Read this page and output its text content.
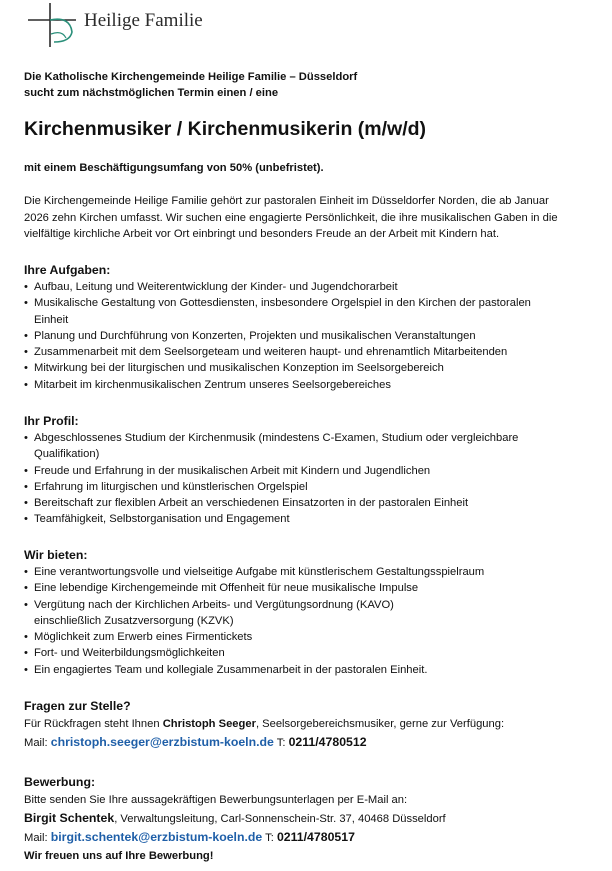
Heilige Familie
Die Katholische Kirchengemeinde Heilige Familie – Düsseldorf
sucht zum nächstmöglichen Termin einen / eine
Kirchenmusiker / Kirchenmusikerin (m/w/d)
mit einem Beschäftigungsumfang von 50% (unbefristet).
Die Kirchengemeinde Heilige Familie gehört zur pastoralen Einheit im Düsseldorfer Norden, die ab Januar
2026 zehn Kirchen umfasst. Wir suchen eine engagierte Persönlichkeit, die ihre musikalischen Gaben in die
vielfältige kirchliche Arbeit vor Ort einbringt und besonders Freude an der Arbeit mit Kindern hat.
Ihre Aufgaben:
• Aufbau, Leitung und Weiterentwicklung der Kinder- und Jugendchorarbeit
• Musikalische Gestaltung von Gottesdiensten, insbesondere Orgelspiel in den Kirchen der pastoralen
Einheit
• Planung und Durchführung von Konzerten, Projekten und musikalischen Veranstaltungen
• Zusammenarbeit mit dem Seelsorgeteam und weiteren haupt- und ehrenamtlich Mitarbeitenden
• Mitwirkung bei der liturgischen und musikalischen Konzeption im Seelsorgebereich
• Mitarbeit im kirchenmusikalischen Zentrum unseres Seelsorgebereiches
Ihr Profil:
• Abgeschlossenes Studium der Kirchenmusik (mindestens C-Examen, Studium oder vergleichbare
Qualifikation)
• Freude und Erfahrung in der musikalischen Arbeit mit Kindern und Jugendlichen
• Erfahrung im liturgischen und künstlerischen Orgelspiel
• Bereitschaft zur flexiblen Arbeit an verschiedenen Einsatzorten in der pastoralen Einheit
• Teamfähigkeit, Selbstorganisation und Engagement
Wir bieten:
• Eine verantwortungsvolle und vielseitige Aufgabe mit künstlerischem Gestaltungsspielraum
• Eine lebendige Kirchengemeinde mit Offenheit für neue musikalische Impulse
• Vergütung nach der Kirchlichen Arbeits- und Vergütungsordnung (KAVO)
einschließlich Zusatzversorgung (KZVK)
• Möglichkeit zum Erwerb eines Firmentickets
• Fort- und Weiterbildungsmöglichkeiten
• Ein engagiertes Team und kollegiale Zusammenarbeit in der pastoralen Einheit.
Fragen zur Stelle?
Für Rückfragen steht Ihnen Christoph Seeger, Seelsorgebereichsmusiker, gerne zur Verfügung:
Mail: christoph.seeger@erzbistum-koeln.de T: 0211/4780512
Bewerbung:
Bitte senden Sie Ihre aussagekräftigen Bewerbungsunterlagen per E-Mail an:
Birgit Schentek, Verwaltungsleitung, Carl-Sonnenschein-Str. 37, 40468 Düsseldorf
Mail: birgit.schentek@erzbistum-koeln.de T: 0211/4780517
Wir freuen uns auf Ihre Bewerbung!
